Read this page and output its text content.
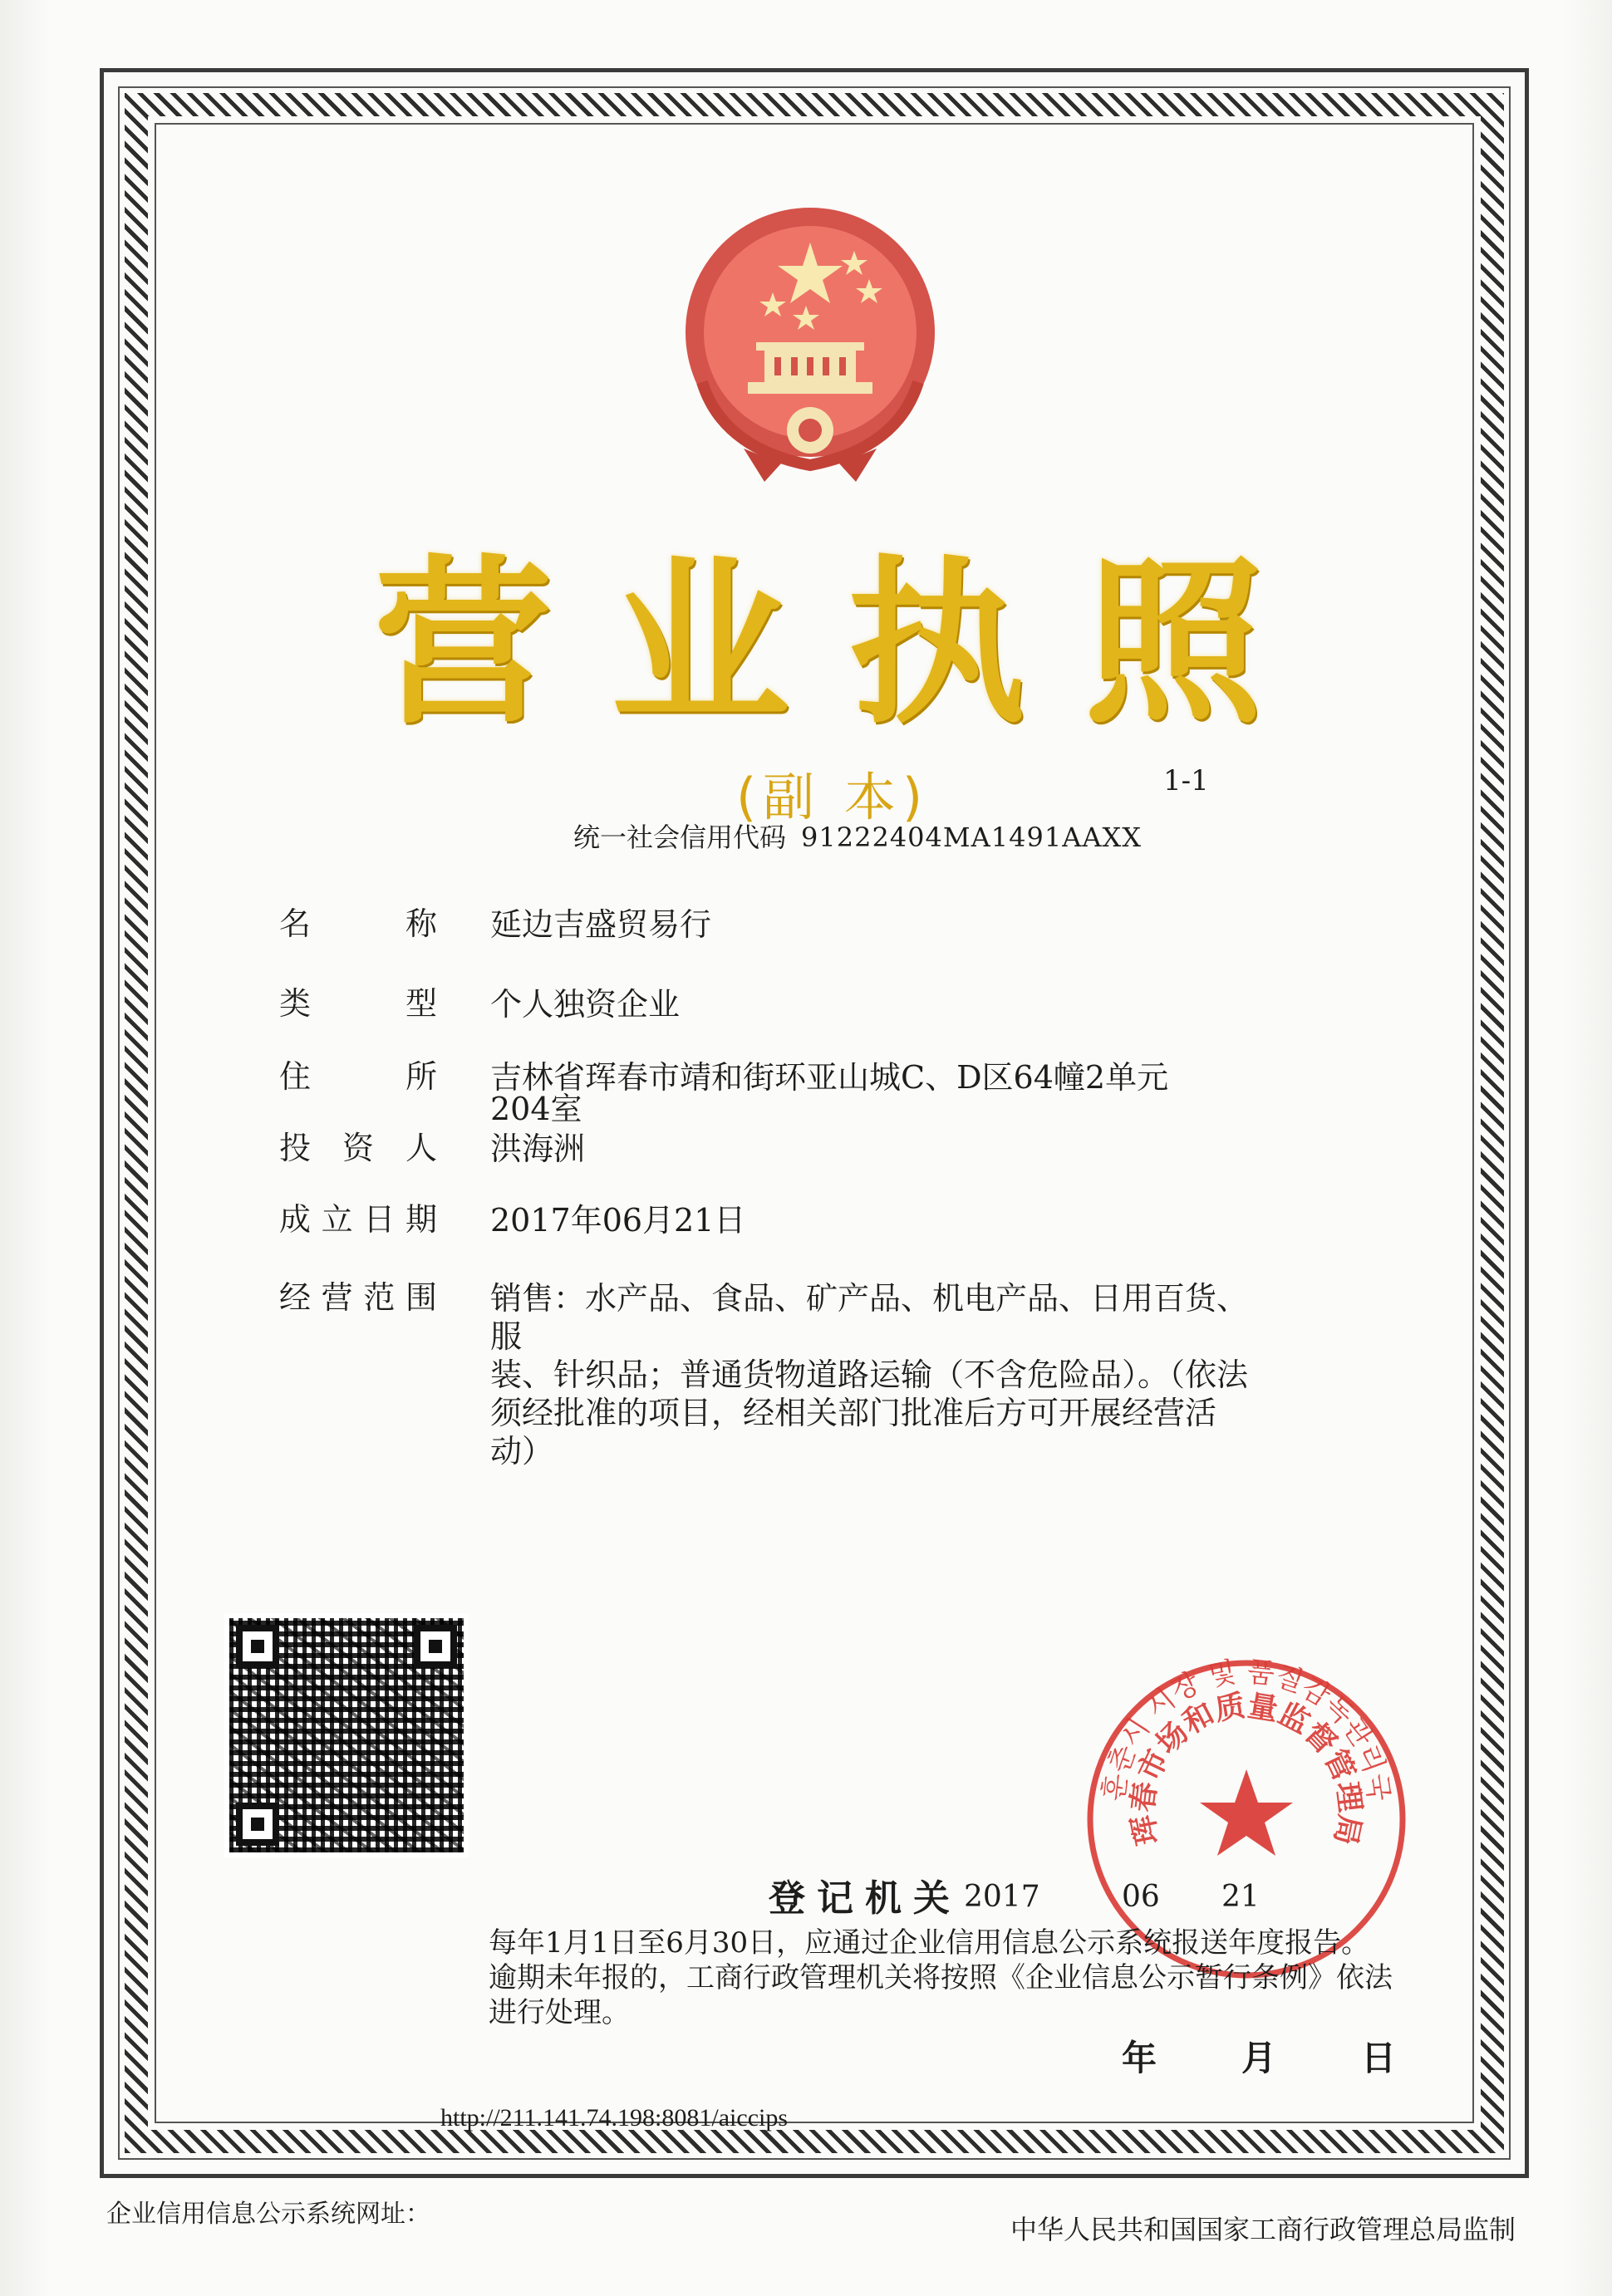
营 业 执 照
(副 本)	1-1
统一社会信用代码 91222404MA1491AAXX
名 称 延边吉盛贸易行
类 型 个人独资企业
住 所 吉林省珲春市靖和街环亚山城C、D区64幢2单元
204室
投 资 人 洪海洲
成立日期 2017年06月21日
经营范围 销售：水产品、食品、矿产品、机电产品、日用百货、服
装、针织品；普通货物道路运输（不含危险品）。（依法
须经批准的项目，经相关部门批准后方可开展经营活动）
훈춘시 시장 및 품질감독관리국
珲春市场和质量监督管理局
登记机关 2017	06 21
每年1月1日至6月30日，应通过企业信用信息公示系统报送年度报告。
逾期未年报的，工商行政管理机关将按照《企业信息公示暂行条例》依法
进行处理。
年 月 日
http://211.141.74.198:8081/aiccips
企业信用信息公示系统网址：	中华人民共和国国家工商行政管理总局监制
